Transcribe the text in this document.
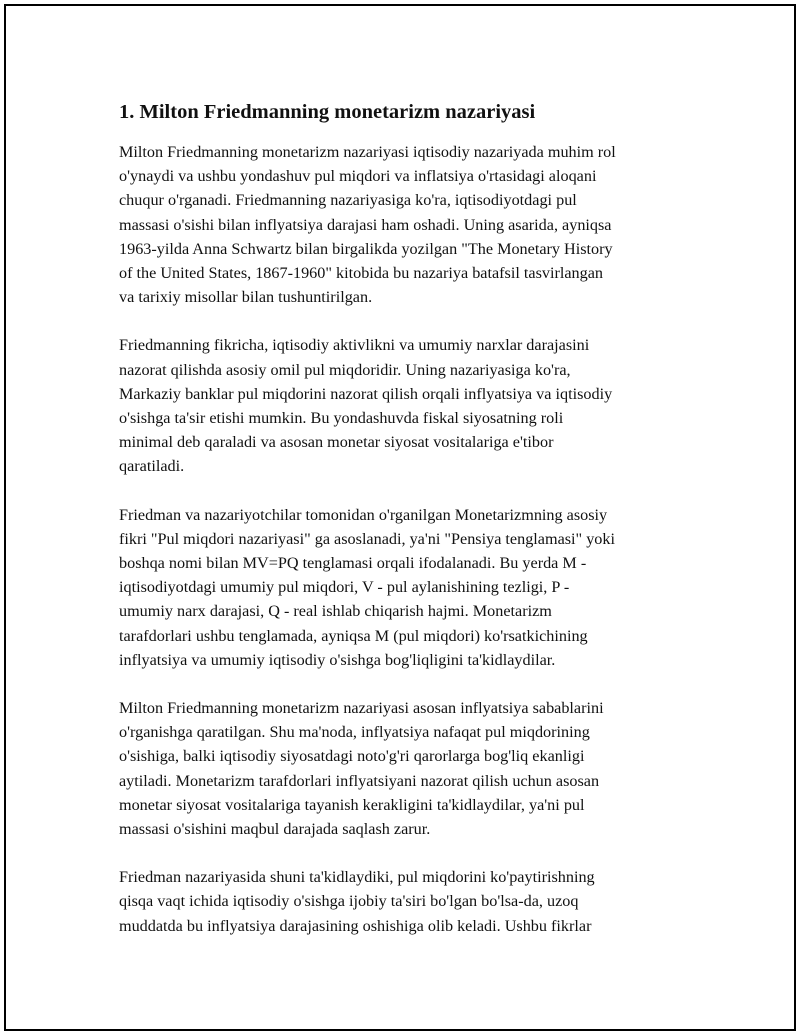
1. Milton Friedmanning monetarizm nazariyasi
Milton Friedmanning monetarizm nazariyasi iqtisodiy nazariyada muhim rol
o'ynaydi va ushbu yondashuv pul miqdori va inflatsiya o'rtasidagi aloqani
chuqur o'rganadi. Friedmanning nazariyasiga ko'ra, iqtisodiyotdagi pul
massasi o'sishi bilan inflyatsiya darajasi ham oshadi. Uning asarida, ayniqsa
1963-yilda Anna Schwartz bilan birgalikda yozilgan "The Monetary History
of the United States, 1867-1960" kitobida bu nazariya batafsil tasvirlangan
va tarixiy misollar bilan tushuntirilgan.
Friedmanning fikricha, iqtisodiy aktivlikni va umumiy narxlar darajasini
nazorat qilishda asosiy omil pul miqdoridir. Uning nazariyasiga ko'ra,
Markaziy banklar pul miqdorini nazorat qilish orqali inflyatsiya va iqtisodiy
o'sishga ta'sir etishi mumkin. Bu yondashuvda fiskal siyosatning roli
minimal deb qaraladi va asosan monetar siyosat vositalariga e'tibor
qaratiladi.
Friedman va nazariyotchilar tomonidan o'rganilgan Monetarizmning asosiy
fikri "Pul miqdori nazariyasi" ga asoslanadi, ya'ni "Pensiya tenglamasi" yoki
boshqa nomi bilan MV=PQ tenglamasi orqali ifodalanadi. Bu yerda M -
iqtisodiyotdagi umumiy pul miqdori, V - pul aylanishining tezligi, P -
umumiy narx darajasi, Q - real ishlab chiqarish hajmi. Monetarizm
tarafdorlari ushbu tenglamada, ayniqsa M (pul miqdori) ko'rsatkichining
inflyatsiya va umumiy iqtisodiy o'sishga bog'liqligini ta'kidlaydilar.
Milton Friedmanning monetarizm nazariyasi asosan inflyatsiya sabablarini
o'rganishga qaratilgan. Shu ma'noda, inflyatsiya nafaqat pul miqdorining
o'sishiga, balki iqtisodiy siyosatdagi noto'g'ri qarorlarga bog'liq ekanligi
aytiladi. Monetarizm tarafdorlari inflyatsiyani nazorat qilish uchun asosan
monetar siyosat vositalariga tayanish kerakligini ta'kidlaydilar, ya'ni pul
massasi o'sishini maqbul darajada saqlash zarur.
Friedman nazariyasida shuni ta'kidlaydiki, pul miqdorini ko'paytirishning
qisqa vaqt ichida iqtisodiy o'sishga ijobiy ta'siri bo'lgan bo'lsa-da, uzoq
muddatda bu inflyatsiya darajasining oshishiga olib keladi. Ushbu fikrlar
